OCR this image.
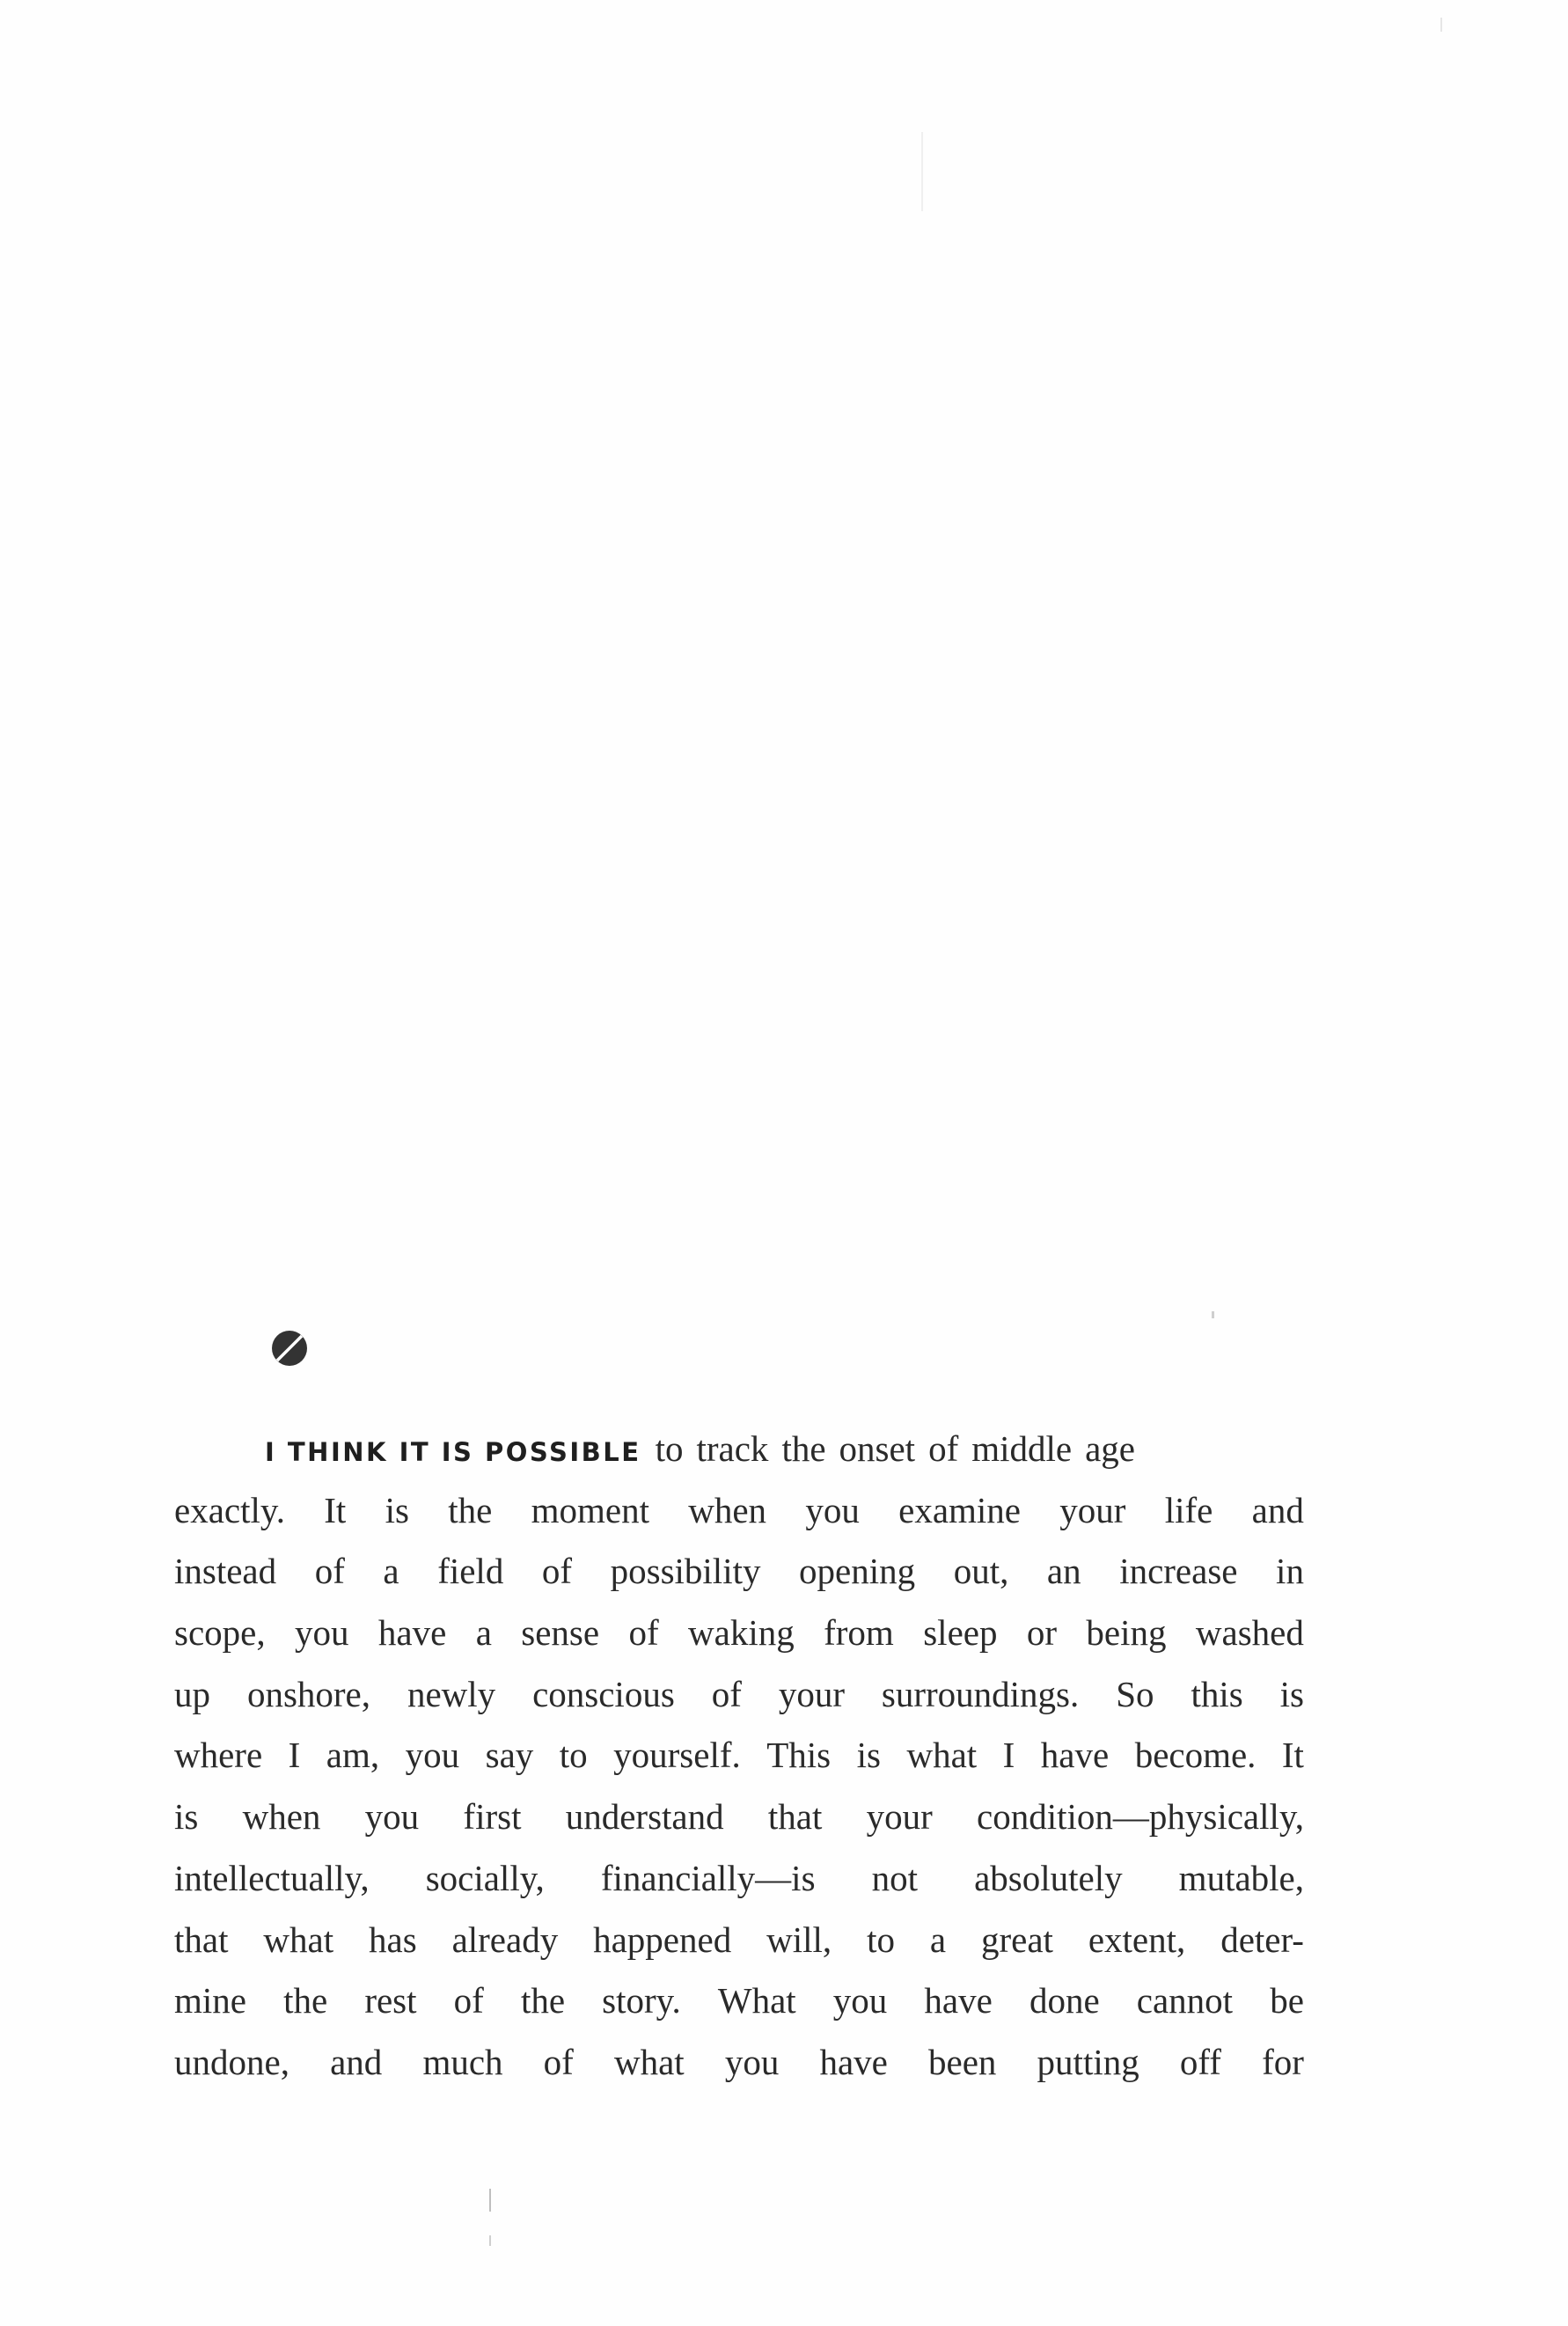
I THINK IT IS POSSIBLE to track the onset of middle age
exactly. It is the moment when you examine your life and
instead of a field of possibility opening out, an increase in
scope, you have a sense of waking from sleep or being washed
up onshore, newly conscious of your surroundings. So this is
where I am, you say to yourself. This is what I have become. It
is when you first understand that your condition—physically,
intellectually, socially, financially—is not absolutely mutable,
that what has already happened will, to a great extent, deter-
mine the rest of the story. What you have done cannot be
undone, and much of what you have been putting off for
